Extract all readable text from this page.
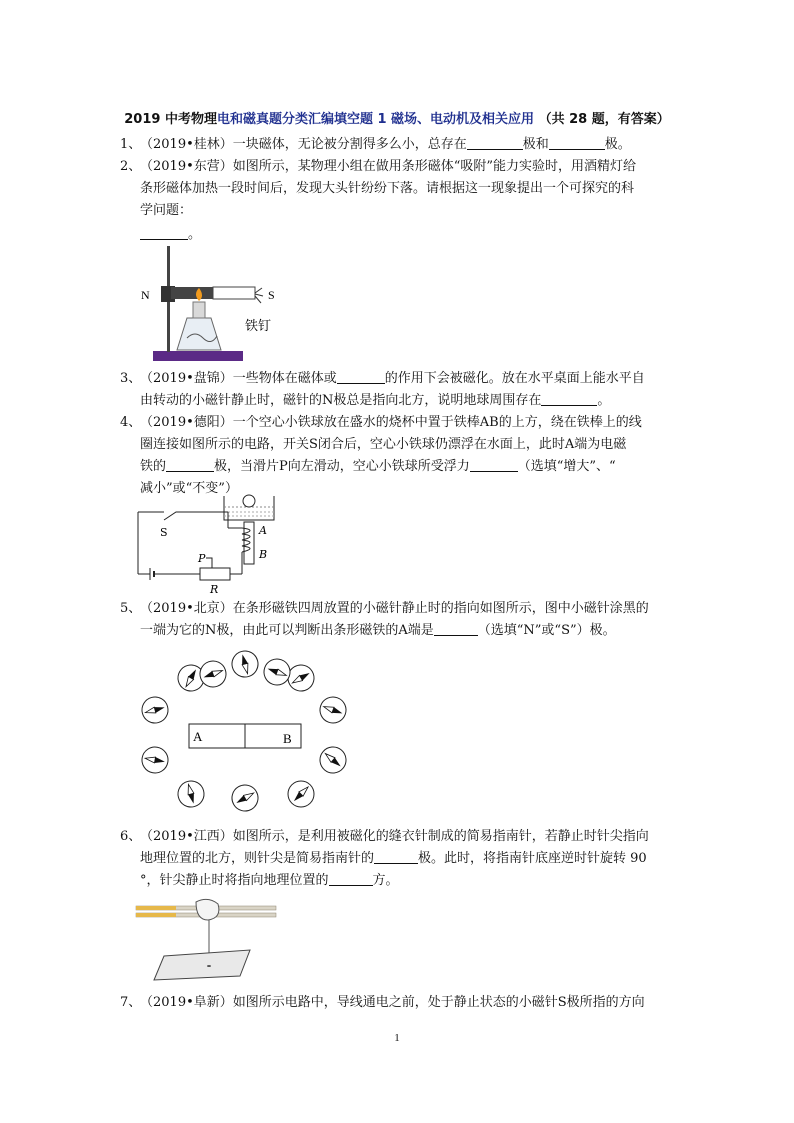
2019 中考物理电和磁真题分类汇编填空题 1 磁场、电动机及相关应用 （共 28 题，有答案）
1、（2019•桂林）一块磁体，无论被分割得多么小，总存在	极和	极。
2、（2019•东营）如图所示，某物理小组在做用条形磁体“吸附”能力实验时，用酒精灯给
条形磁体加热一段时间后，发现大头针纷纷下落。请根据这一现象提出一个可探究的科
学问题：
。
N	S
铁钉
3、（2019•盘锦）一些物体在磁体或	的作用下会被磁化。放在水平桌面上能水平自
由转动的小磁针静止时，磁针的N极总是指向北方，说明地球周围存在	。
4、（2019•德阳）一个空心小铁球放在盛水的烧杯中置于铁棒AB的上方，绕在铁棒上的线
圈连接如图所示的电路，开关S闭合后，空心小铁球仍漂浮在水面上，此时A端为电磁
铁的	极，当滑片P向左滑动，空心小铁球所受浮力	（选填“增大”、“
减小”或“不变”）
A
B
S
P
R
5、（2019•北京）在条形磁铁四周放置的小磁针静止时的指向如图所示，图中小磁针涂黑的
一端为它的N极，由此可以判断出条形磁铁的A端是	（选填“N”或“S”）极。
A	B
6、（2019•江西）如图所示，是利用被磁化的缝衣针制成的简易指南针，若静止时针尖指向
地理位置的北方，则针尖是简易指南针的	极。此时，将指南针底座逆时针旋转 90
°，针尖静止时将指向地理位置的	方。
7、（2019•阜新）如图所示电路中，导线通电之前，处于静止状态的小磁针S极所指的方向
1
